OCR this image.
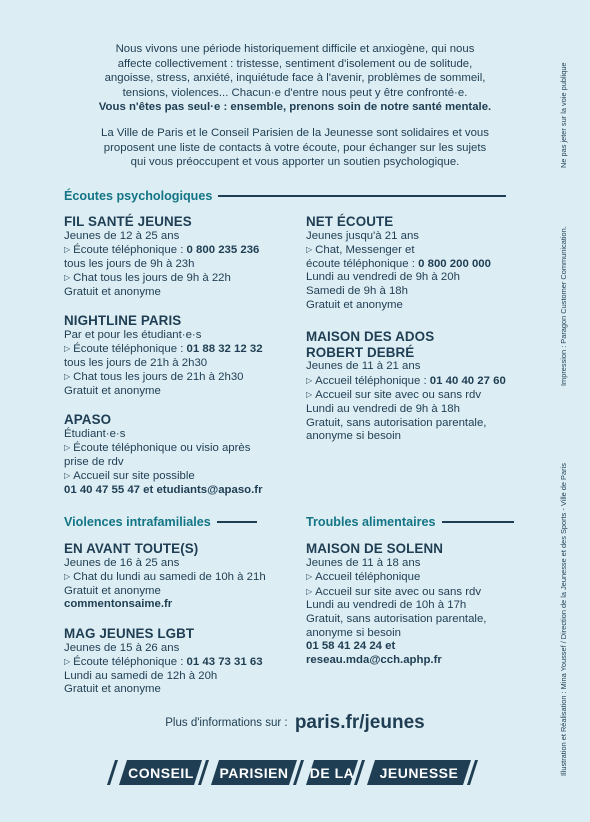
Nous vivons une période historiquement difficile et anxiogène, qui nous
affecte collectivement : tristesse, sentiment d'isolement ou de solitude,
angoisse, stress, anxiété, inquiétude face à l'avenir, problèmes de sommeil,
tensions, violences... Chacun·e d'entre nous peut y être confronté·e.
Vous n'êtes pas seul·e : ensemble, prenons soin de notre santé mentale.

La Ville de Paris et le Conseil Parisien de la Jeunesse sont solidaires et vous
proposent une liste de contacts à votre écoute, pour échanger sur les sujets
qui vous préoccupent et vous apporter un soutien psychologique.

Écoutes psychologiques
FIL SANTÉ JEUNES
Jeunes de 12 à 25 ans
▷ Écoute téléphonique : 0 800 235 236
tous les jours de 9h à 23h
▷ Chat tous les jours de 9h à 22h
Gratuit et anonyme
NIGHTLINE PARIS
Par et pour les étudiant·e·s
▷ Écoute téléphonique : 01 88 32 12 32
tous les jours de 21h à 2h30
▷ Chat tous les jours de 21h à 2h30
Gratuit et anonyme
APASO
Étudiant·e·s
▷ Écoute téléphonique ou visio après
prise de rdv
▷ Accueil sur site possible
01 40 47 55 47 et etudiants@apaso.fr
NET ÉCOUTE
Jeunes jusqu'à 21 ans
▷ Chat, Messenger et
écoute téléphonique : 0 800 200 000
Lundi au vendredi de 9h à 20h
Samedi de 9h à 18h
Gratuit et anonyme
MAISON DES ADOS
ROBERT DEBRÉ
Jeunes de 11 à 21 ans
▷ Accueil téléphonique : 01 40 40 27 60
▷ Accueil sur site avec ou sans rdv
Lundi au vendredi de 9h à 18h
Gratuit, sans autorisation parentale,
anonyme si besoin
Violences intrafamiliales	Troubles alimentaires
EN AVANT TOUTE(S)
Jeunes de 16 à 25 ans
▷ Chat du lundi au samedi de 10h à 21h
Gratuit et anonyme
commentonsaime.fr
MAG JEUNES LGBT
Jeunes de 15 à 26 ans
▷ Écoute téléphonique : 01 43 73 31 63
Lundi au samedi de 12h à 20h
Gratuit et anonyme
MAISON DE SOLENN
Jeunes de 11 à 18 ans
▷ Accueil téléphonique
▷ Accueil sur site avec ou sans rdv
Lundi au vendredi de 10h à 17h
Gratuit, sans autorisation parentale,
anonyme si besoin
01 58 41 24 24 et
reseau.mda@cch.aphp.fr
Plus d'informations sur : paris.fr/jeunes
CONSEIL PARISIEN DE LA JEUNESSE
Ne pas jeter sur la voie publique
Impression : Paragon Customer Communication.
Illustration et Réalisation : Mina Youssef / Direction de la Jeunesse et des Sports - Ville de Paris
